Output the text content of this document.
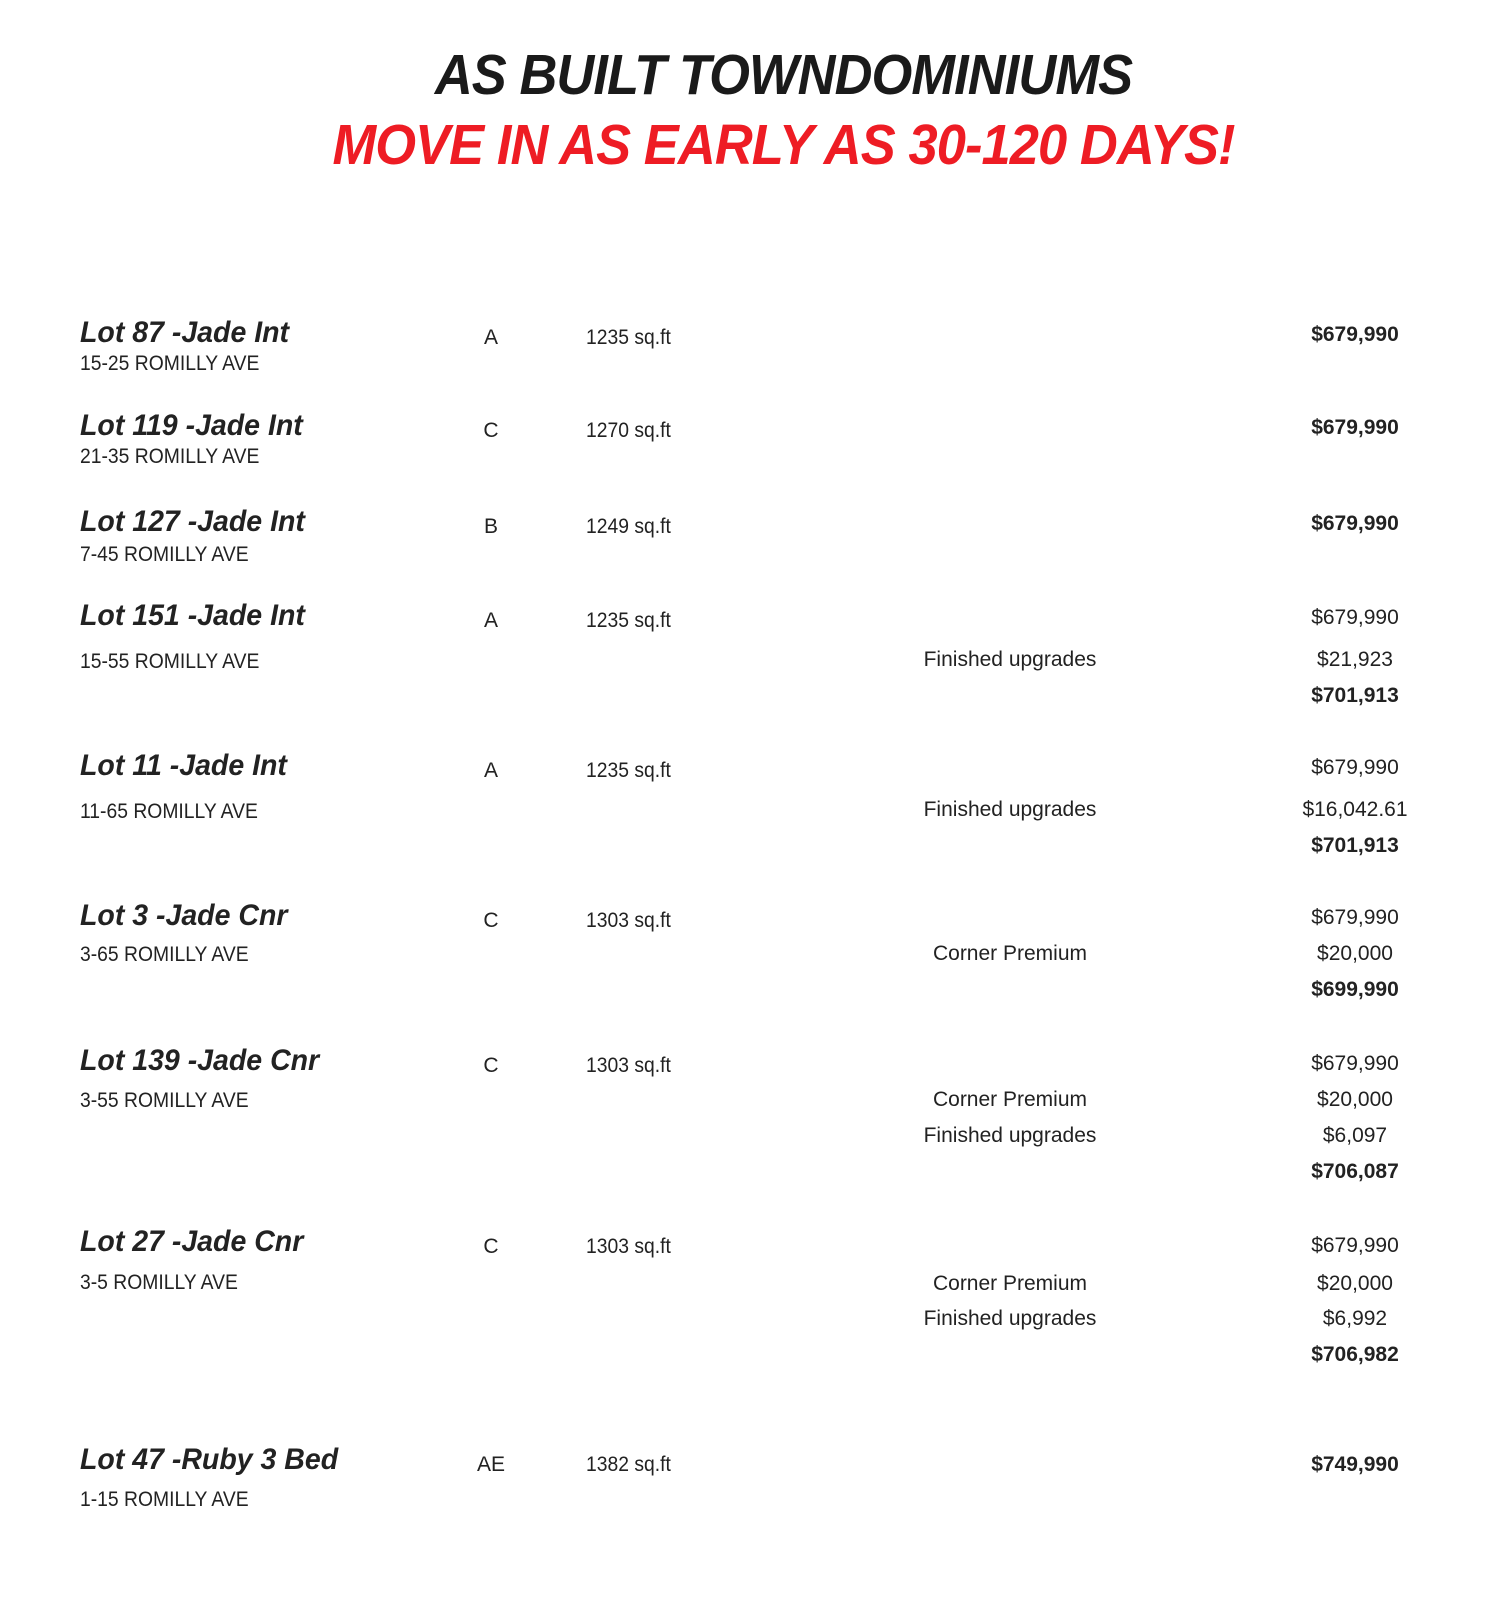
AS BUILT TOWNDOMINIUMS
MOVE IN AS EARLY AS 30-120 DAYS!
Lot 87 -Jade Int
15-25 ROMILLY AVE
A	1235 sq.ft	$679,990
Lot 119 -Jade Int
21-35 ROMILLY AVE
C	1270 sq.ft	$679,990
Lot 127 -Jade Int
7-45 ROMILLY AVE
B	1249 sq.ft	$679,990
Lot 151 -Jade Int
15-55 ROMILLY AVE
A	1235 sq.ft	$679,990
Finished upgrades	$21,923
$701,913
Lot 11 -Jade Int
11-65 ROMILLY AVE
A	1235 sq.ft	$679,990
Finished upgrades	$16,042.61
$701,913
Lot 3 -Jade Cnr
3-65 ROMILLY AVE
C	1303 sq.ft	$679,990
Corner Premium	$20,000
$699,990
Lot 139 -Jade Cnr
3-55 ROMILLY AVE
C	1303 sq.ft	$679,990
Corner Premium	$20,000
Finished upgrades	$6,097
$706,087
Lot 27 -Jade Cnr
3-5 ROMILLY AVE
C	1303 sq.ft	$679,990
Corner Premium	$20,000
Finished upgrades	$6,992
$706,982
Lot 47 -Ruby 3 Bed
1-15 ROMILLY AVE
AE	1382 sq.ft	$749,990
